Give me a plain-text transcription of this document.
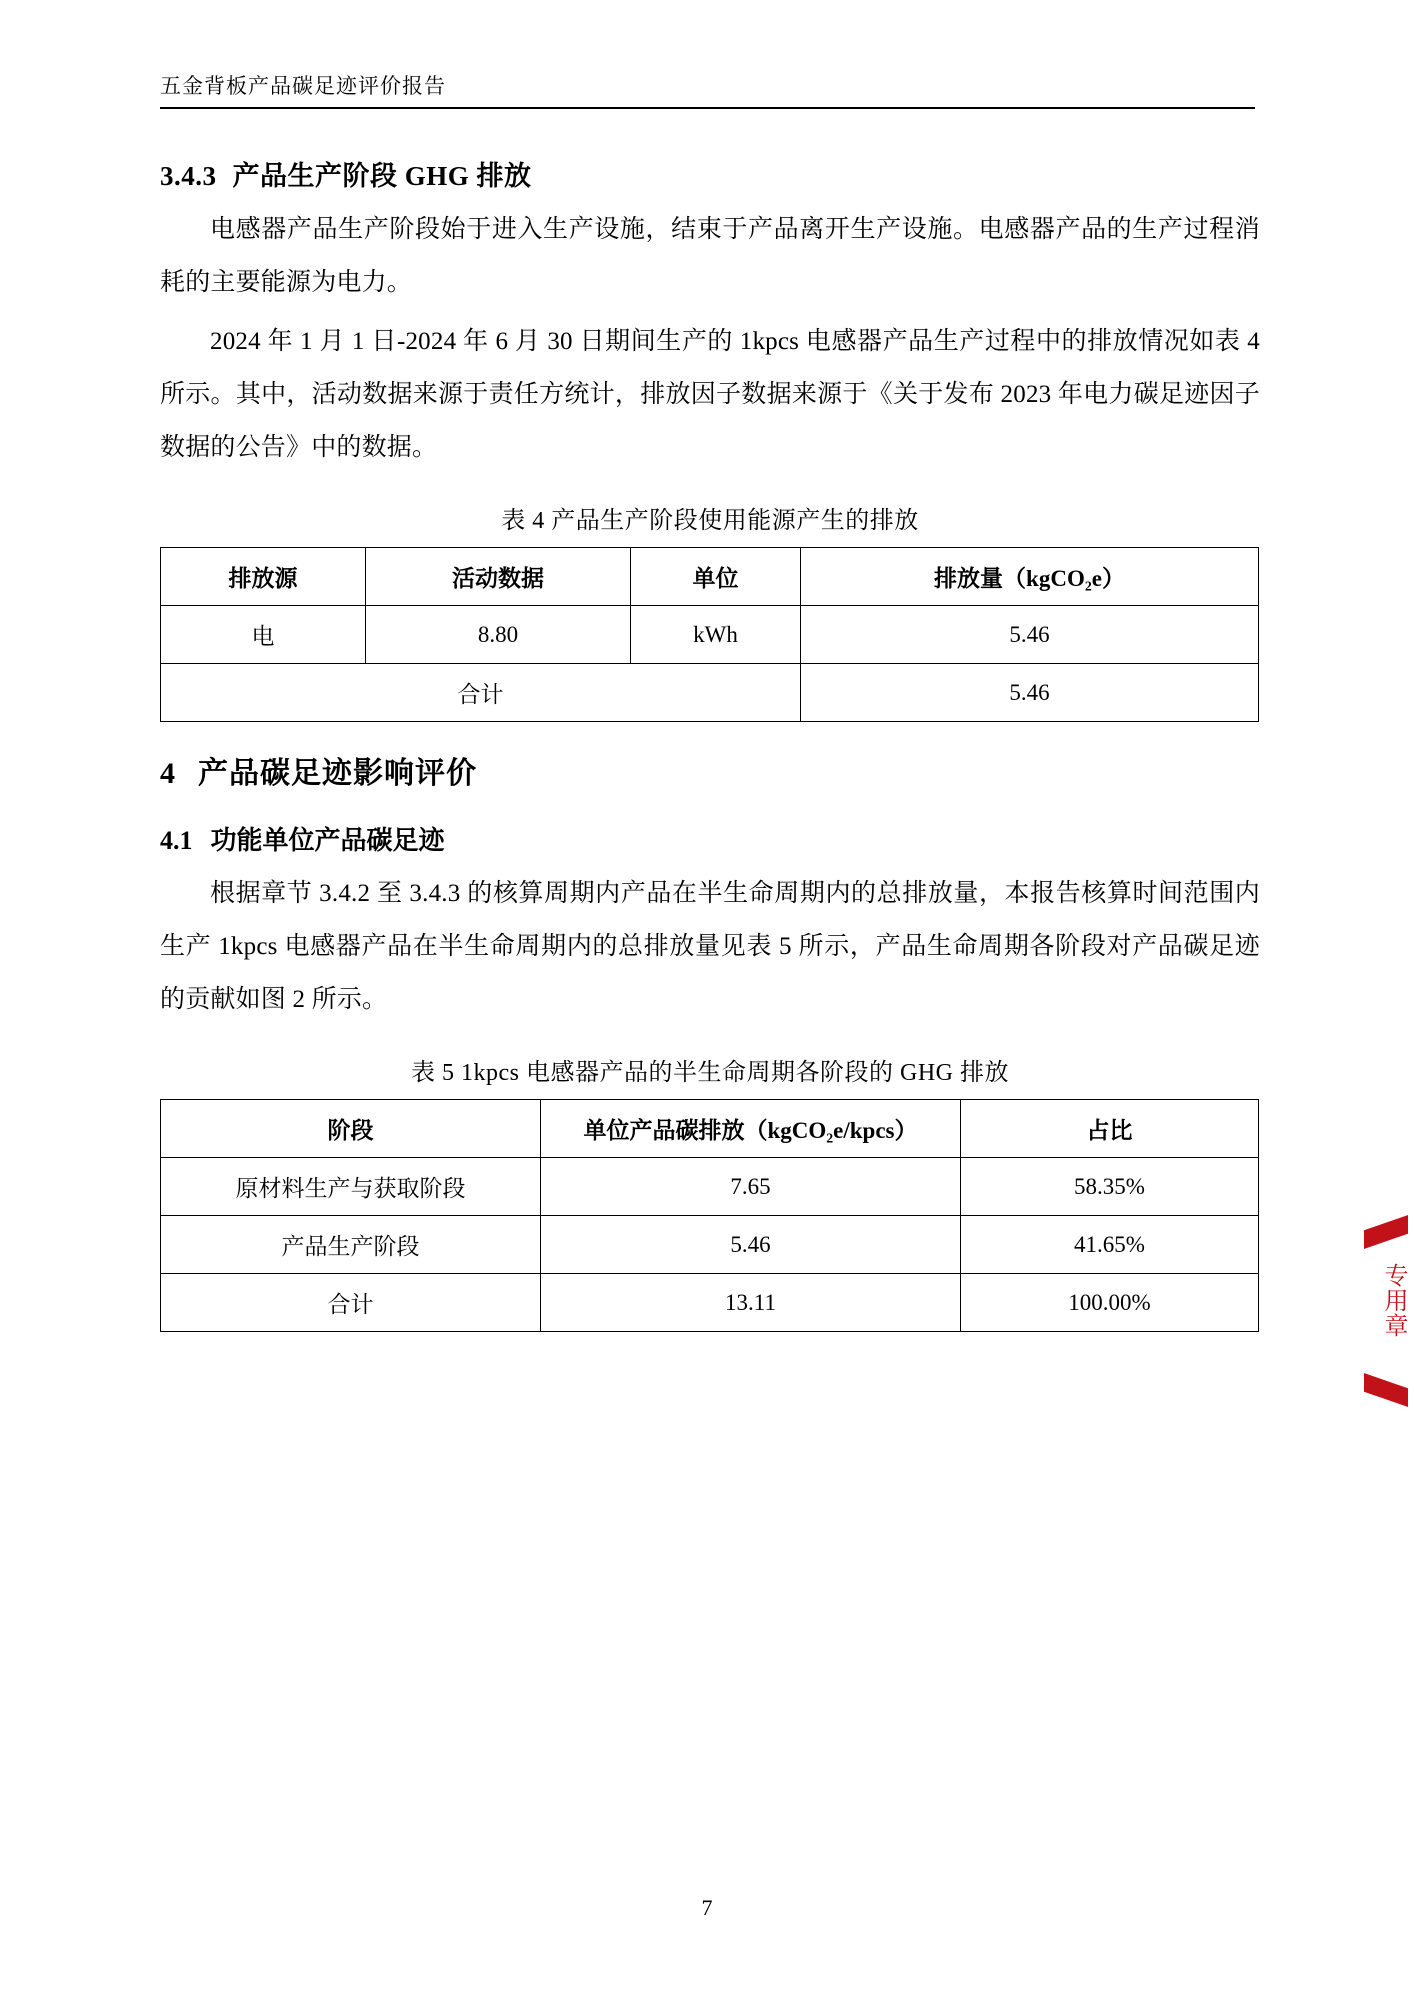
五金背板产品碳足迹评价报告
3.4.3 产品生产阶段 GHG 排放

电感器产品生产阶段始于进入生产设施，结束于产品离开生产设施。电感器产品的生产过程消耗的主要能源为电力。

2024 年 1 月 1 日-2024 年 6 月 30 日期间生产的 1kpcs 电感器产品生产过程中的排放情况如表 4 所示。其中，活动数据来源于责任方统计，排放因子数据来源于《关于发布 2023 年电力碳足迹因子数据的公告》中的数据。

表 4 产品生产阶段使用能源产生的排放
排放源	活动数据	单位	排放量（kgCO₂e）
电	8.80	kWh	5.46
合计			5.46
4 产品碳足迹影响评价
4.1 功能单位产品碳足迹

根据章节 3.4.2 至 3.4.3 的核算周期内产品在半生命周期内的总排放量，本报告核算时间范围内生产 1kpcs 电感器产品在半生命周期内的总排放量见表 5 所示，产品生命周期各阶段对产品碳足迹的贡献如图 2 所示。

表 5 1kpcs 电感器产品的半生命周期各阶段的 GHG 排放
阶段	单位产品碳排放（kgCO₂e/kpcs）	占比
原材料生产与获取阶段	7.65	58.35%
产品生产阶段	5.46	41.65%
合计	13.11	100.00%	专用章
7
